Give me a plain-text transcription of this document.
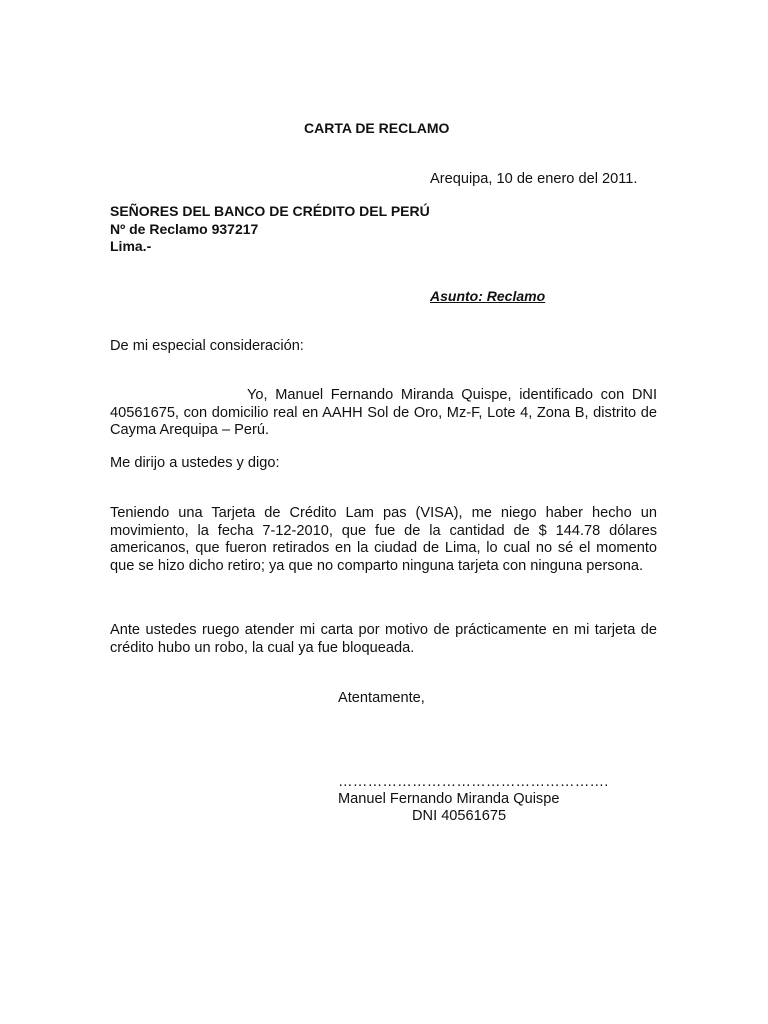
CARTA DE RECLAMO
Arequipa, 10 de enero del 2011.
SEÑORES DEL BANCO DE CRÉDITO DEL PERÚ
Nº de Reclamo 937217
Lima.-
Asunto: Reclamo
De mi especial consideración:

Yo, Manuel Fernando Miranda Quispe, identificado con DNI 40561675, con domicilio real en AAHH Sol de Oro, Mz-F, Lote 4, Zona B, distrito de Cayma Arequipa – Perú.

Me dirijo a ustedes y digo:

Teniendo una Tarjeta de Crédito Lam pas (VISA), me niego haber hecho un movimiento, la fecha 7-12-2010, que fue de la cantidad de $ 144.78 dólares americanos, que fueron retirados en la ciudad de Lima, lo cual no sé el momento que se hizo dicho retiro; ya que no comparto ninguna tarjeta con ninguna persona.

Ante ustedes ruego atender mi carta por motivo de prácticamente en mi tarjeta de crédito hubo un robo, la cual ya fue bloqueada.

Atentamente,
……………………………………………….
Manuel Fernando Miranda Quispe
DNI 40561675
